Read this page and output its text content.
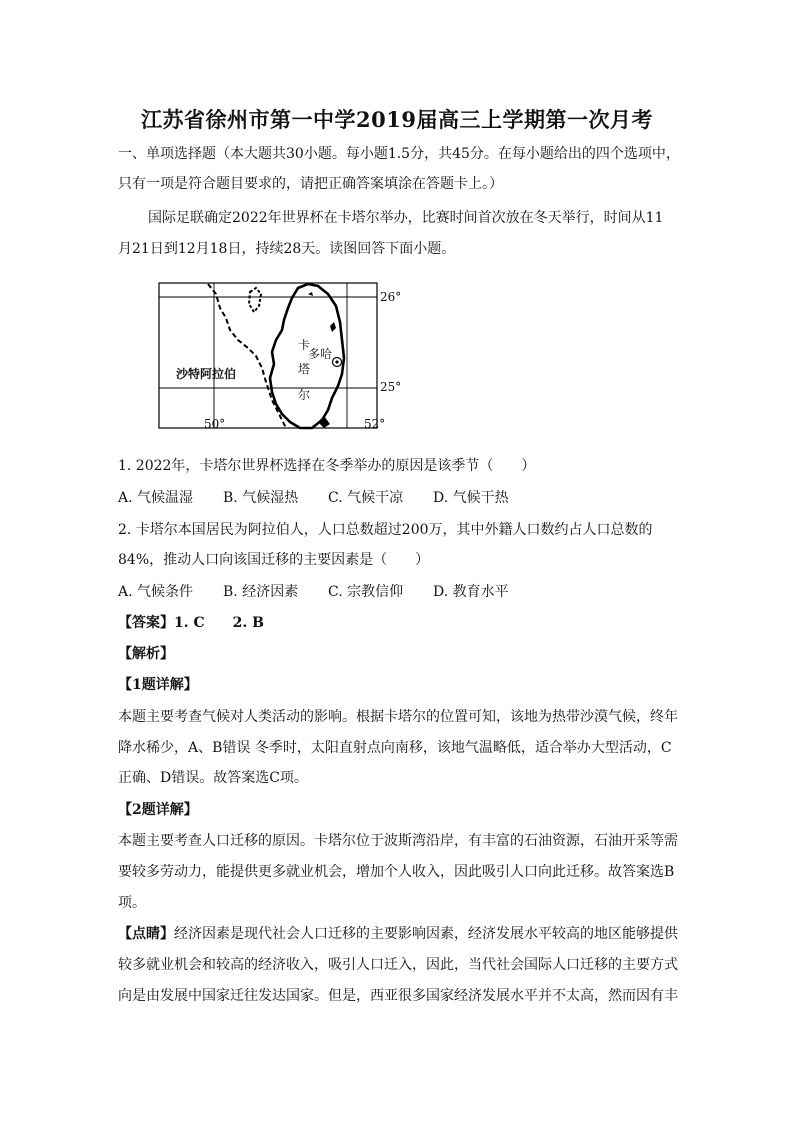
江苏省徐州市第一中学2019届高三上学期第一次月考
一、单项选择题（本大题共30小题。每小题1.5分，共45分。在每小题给出的四个选项中，
只有一项是符合题目要求的，请把正确答案填涂在答题卡上。）
国际足联确定2022年世界杯在卡塔尔举办，比赛时间首次放在冬天举行，时间从11
月21日到12月18日，持续28天。读图回答下面小题。
26°
25°
50°	52°
沙特阿拉伯
卡
塔
尔
多哈
1. 2022年，卡塔尔世界杯选择在冬季举办的原因是该季节（　　）
A. 气候温湿 B. 气候湿热 C. 气候干凉 D. 气候干热
2. 卡塔尔本国居民为阿拉伯人，人口总数超过200万，其中外籍人口数约占人口总数的
84%，推动人口向该国迁移的主要因素是（　　）
A. 气候条件 B. 经济因素 C. 宗教信仰 D. 教育水平
【答案】1. C　　2. B
【解析】
【1题详解】
本题主要考查气候对人类活动的影响。根据卡塔尔的位置可知，该地为热带沙漠气候，终年
降水稀少，A、B错误 冬季时，太阳直射点向南移，该地气温略低，适合举办大型活动，C
正确、D错误。故答案选C项。
【2题详解】
本题主要考查人口迁移的原因。卡塔尔位于波斯湾沿岸，有丰富的石油资源，石油开采等需
要较多劳动力，能提供更多就业机会，增加个人收入，因此吸引人口向此迁移。故答案选B
项。
【点睛】经济因素是现代社会人口迁移的主要影响因素，经济发展水平较高的地区能够提供
较多就业机会和较高的经济收入，吸引人口迁入，因此，当代社会国际人口迁移的主要方式
向是由发展中国家迁往发达国家。但是，西亚很多国家经济发展水平并不太高，然而因有丰
